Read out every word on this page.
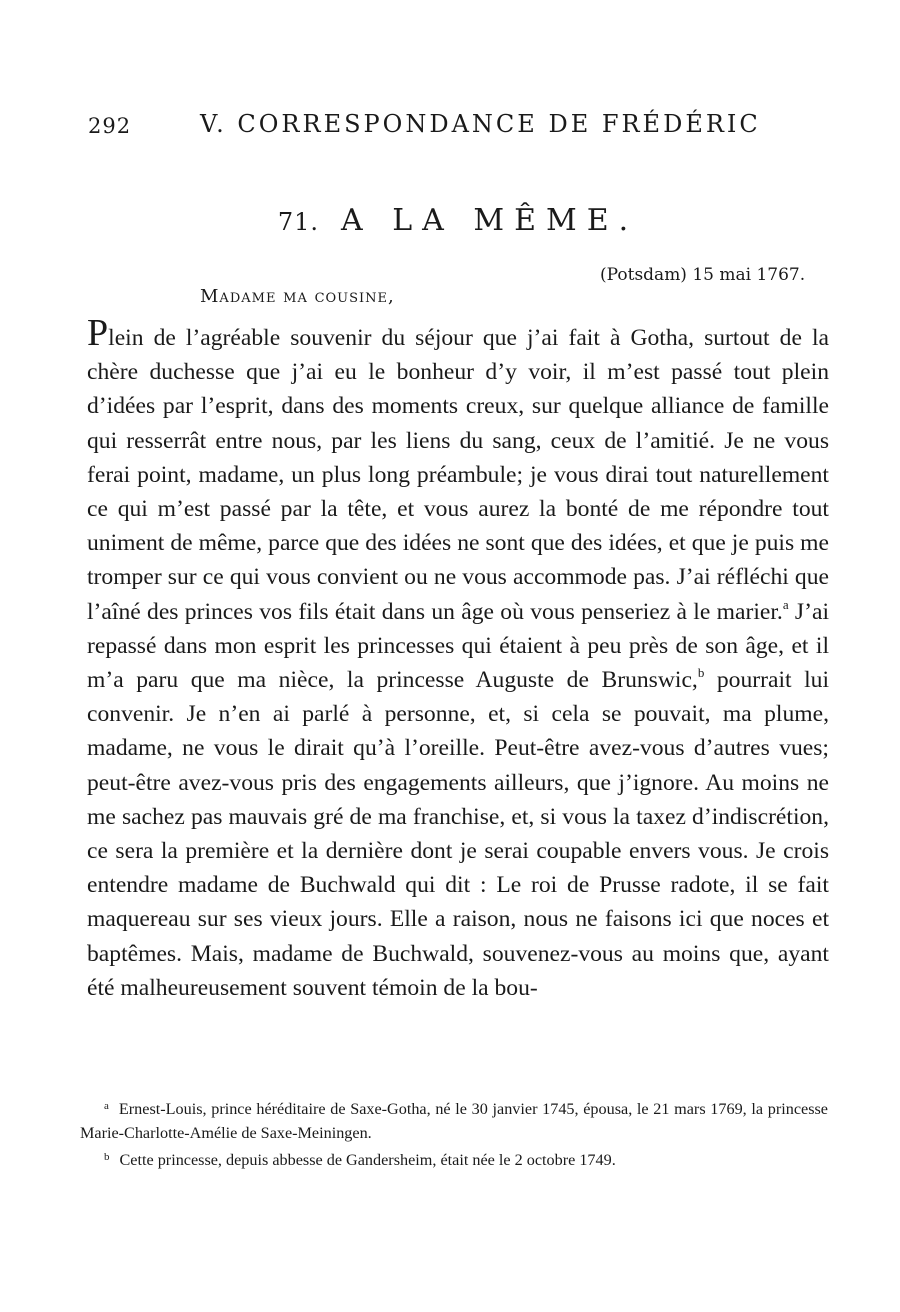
292	V. CORRESPONDANCE DE FRÉDÉRIC
71. A LA MÊME.
(Potsdam) 15 mai 1767.
Madame ma cousine,

Plein de l’agréable souvenir du séjour que j’ai fait à Gotha, surtout de la chère duchesse que j’ai eu le bonheur d’y voir, il m’est passé tout plein d’idées par l’esprit, dans des moments creux, sur quelque alliance de famille qui resserrât entre nous, par les liens du sang, ceux de l’amitié. Je ne vous ferai point, madame, un plus long préambule; je vous dirai tout naturellement ce qui m’est passé par la tête, et vous aurez la bonté de me répondre tout uniment de même, parce que des idées ne sont que des idées, et que je puis me tromper sur ce qui vous convient ou ne vous accommode pas. J’ai réfléchi que l’aîné des princes vos fils était dans un âge où vous penseriez à le marier.$^a$ J’ai repassé dans mon esprit les princesses qui étaient à peu près de son âge, et il m’a paru que ma nièce, la princesse Auguste de Brunswic,$^b$ pourrait lui convenir. Je n’en ai parlé à personne, et, si cela se pouvait, ma plume, madame, ne vous le dirait qu’à l’oreille. Peut-être avez-vous d’autres vues; peut-être avez-vous pris des engagements ailleurs, que j’ignore. Au moins ne me sachez pas mauvais gré de ma franchise, et, si vous la taxez d’indiscrétion, ce sera la première et la dernière dont je serai coupable envers vous. Je crois entendre madame de Buchwald qui dit : Le roi de Prusse radote, il se fait maquereau sur ses vieux jours. Elle a raison, nous ne faisons ici que noces et baptêmes. Mais, madame de Buchwald, souvenez-vous au moins que, ayant été malheureusement souvent témoin de la bou-

$^a$ Ernest-Louis, prince héréditaire de Saxe-Gotha, né le 30 janvier 1745, épousa, le 21 mars 1769, la princesse Marie-Charlotte-Amélie de Saxe-Meiningen.

$^b$ Cette princesse, depuis abbesse de Gandersheim, était née le 2 octobre 1749.
